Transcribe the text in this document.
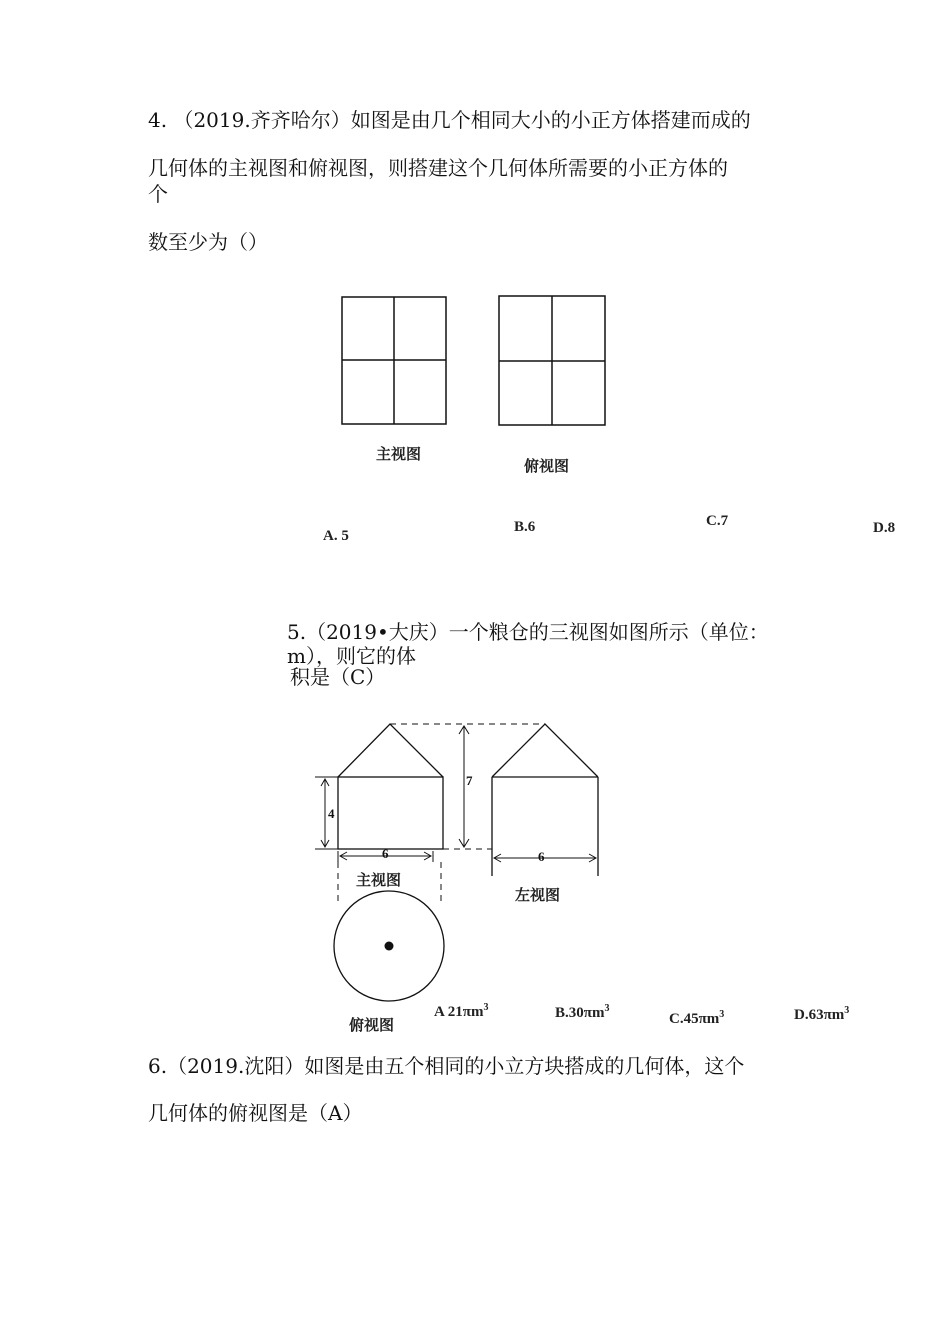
4. （2019.齐齐哈尔）如图是由几个相同大小的小正方体搭建而成的
几何体的主视图和俯视图，则搭建这个几何体所需要的小正方体的
个
数至少为（）
主视图
俯视图
A. 5
B.6	C.7	D.8
5.（2019•大庆）一个粮仓的三视图如图所示（单位：
m），则它的体
积是（C）
7
4
6	6
主视图
左视图
俯视图
A $21\pi m^3$	$B.30\pi m^3$
$C.45\pi m^3$	$D.63\pi m^3$
6.（2019.沈阳）如图是由五个相同的小立方块搭成的几何体，这个
几何体的俯视图是（A）
